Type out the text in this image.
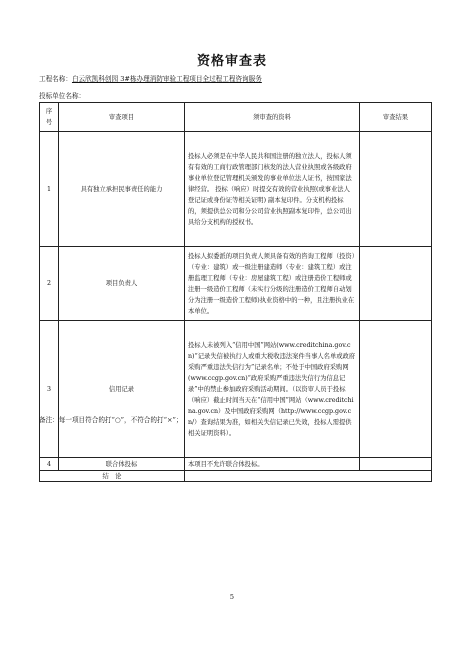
资格审查表
工程名称：白云欣凯科创园 3#栋办理消防审验工程项目全过程工程咨询服务
投标单位名称：
序号	审查项目	须审查的资料	审查结果
1	具有独立承担民事责任的能力	投标人必须是在中华人民共和国注册的独立法人，投标人须有有效的工商行政管理部门核发的法人营业执照或各级政府事业单位登记管理机关颁发的事业单位法人证书，按国家法律经营。 投标（响应）时提交有效的营业执照(或事业法人登记证或身份证等相关证明) 副本复印件。分支机构投标的，须提供总公司和分公司营业执照副本复印件，总公司出具给分支机构的授权书。	
2	项目负责人	投标人拟委派的项目负责人须具备有效的咨询工程师（投资）（专业：建筑）或一级注册建造师（专业：建筑工程）或注册监理工程师（专业：房屋建筑工程）或注册造价工程师或注册一级造价工程师（未实行分级的注册造价工程师自动划分为注册一级造价工程师)执业资格中的一种，且注册执业在本单位。	
3	信用记录	投标人未被列入“信用中国”网站(www.creditchina.gov.cn)“记录失信被执行人或重大税收违法案件当事人名单或政府采购严重违法失信行为”记录名单；不处于中国政府采购网(www.ccgp.gov.cn)“政府采购严重违法失信行为信息记录”中的禁止参加政府采购活动期间。（以资审人员于投标（响应）截止时间当天在“信用中国”网站（www.creditchina.gov.cn）及中国政府采购网（http://www.ccgp.gov.cn/）查询结果为准，如相关失信记录已失效，投标人需提供相关证明资料）。	
4	联合体投标	本项目不允许联合体投标。	
结　论			
备注：每一项目符合的打“○”，不符合的打“×”；
5
